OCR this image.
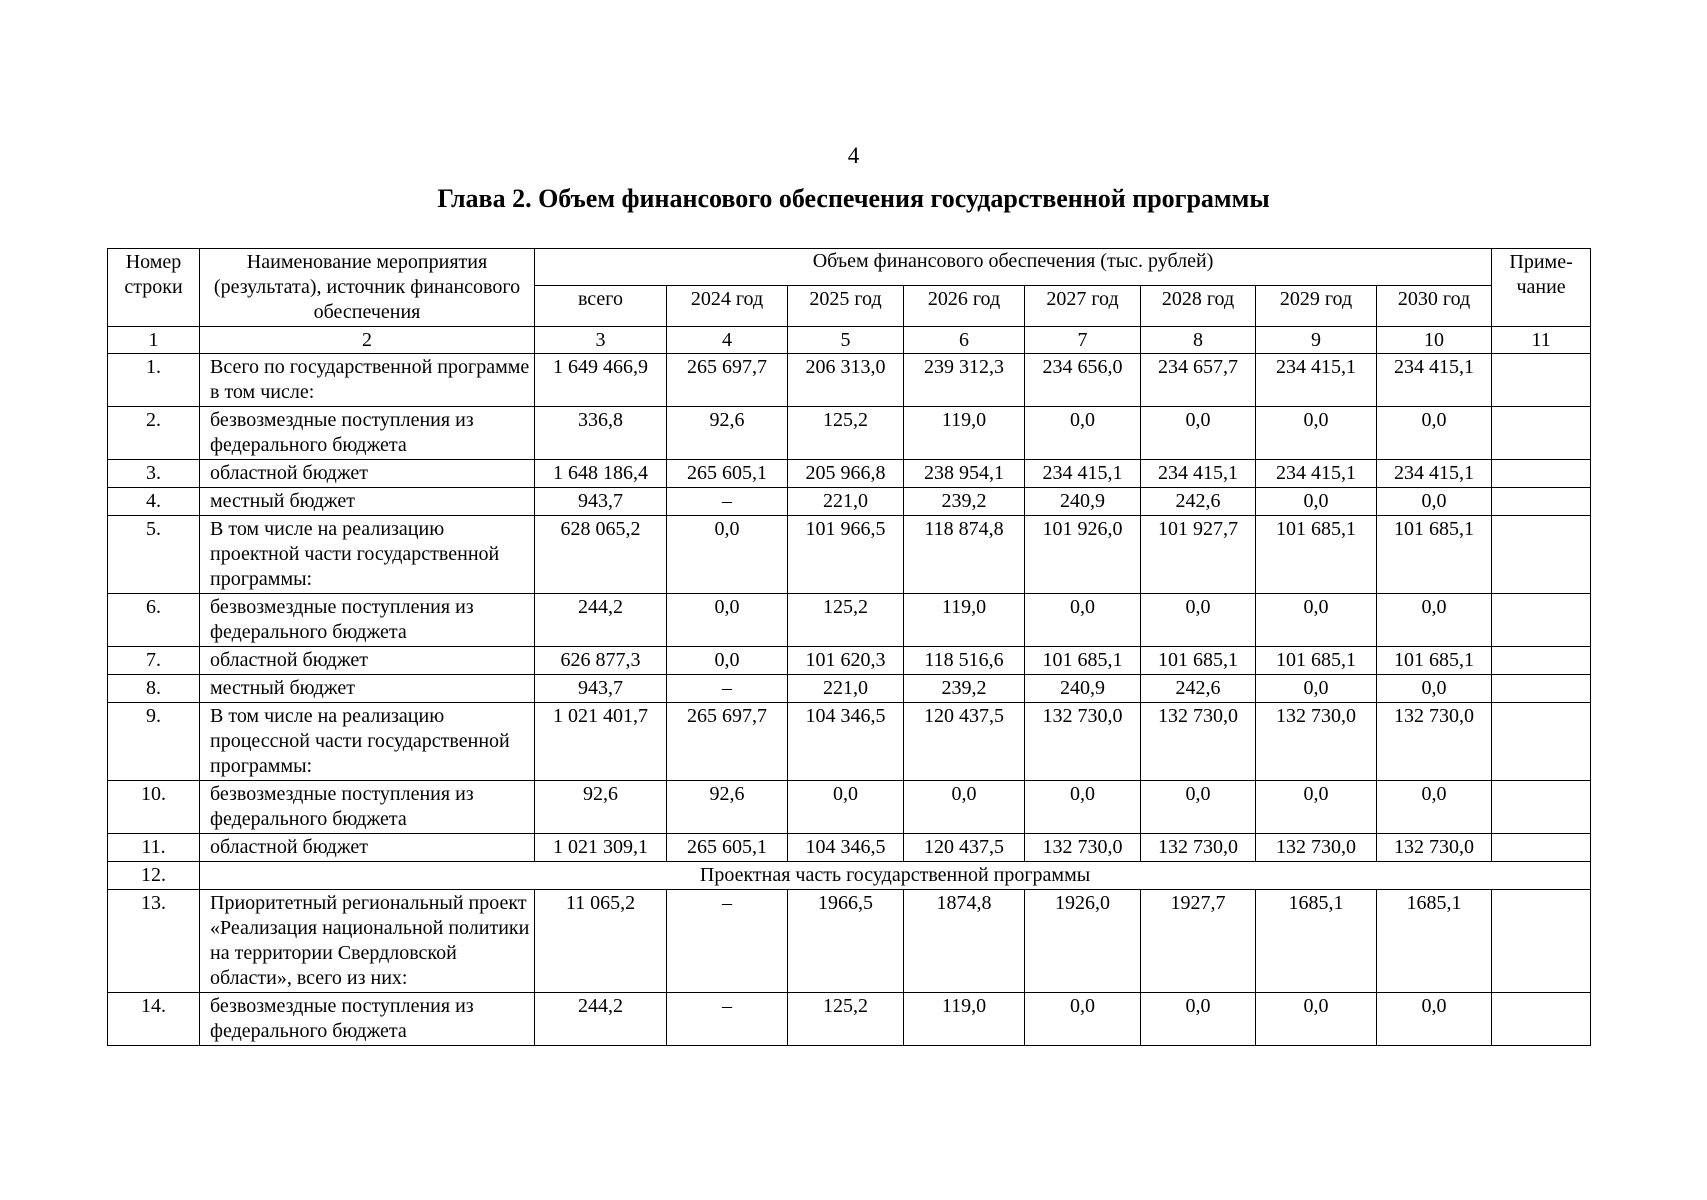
4
Глава 2. Объем финансового обеспечения государственной программы
Номер строки	Наименование мероприятия (результата), источник финансового обеспечения	Объем финансового обеспечения (тыс. рублей)								Приме-чание
		всего	2024 год	2025 год	2026 год	2027 год	2028 год	2029 год	2030 год	
1	2	3	4	5	6	7	8	9	10	11
1.	Всего по государственной программе в том числе:	1 649 466,9	265 697,7	206 313,0	239 312,3	234 656,0	234 657,7	234 415,1	234 415,1	
2.	безвозмездные поступления из федерального бюджета	336,8	92,6	125,2	119,0	0,0	0,0	0,0	0,0	
3.	областной бюджет	1 648 186,4	265 605,1	205 966,8	238 954,1	234 415,1	234 415,1	234 415,1	234 415,1	
4.	местный бюджет	943,7	–	221,0	239,2	240,9	242,6	0,0	0,0	
5.	В том числе на реализацию проектной части государственной программы:	628 065,2	0,0	101 966,5	118 874,8	101 926,0	101 927,7	101 685,1	101 685,1	
6.	безвозмездные поступления из федерального бюджета	244,2	0,0	125,2	119,0	0,0	0,0	0,0	0,0	
7.	областной бюджет	626 877,3	0,0	101 620,3	118 516,6	101 685,1	101 685,1	101 685,1	101 685,1	
8.	местный бюджет	943,7	–	221,0	239,2	240,9	242,6	0,0	0,0	
9.	В том числе на реализацию процессной части государственной программы:	1 021 401,7	265 697,7	104 346,5	120 437,5	132 730,0	132 730,0	132 730,0	132 730,0	
10.	безвозмездные поступления из федерального бюджета	92,6	92,6	0,0	0,0	0,0	0,0	0,0	0,0	
11.	областной бюджет	1 021 309,1	265 605,1	104 346,5	120 437,5	132 730,0	132 730,0	132 730,0	132 730,0	
12.	Проектная часть государственной программы									
13.	Приоритетный региональный проект «Реализация национальной политики на территории Свердловской области», всего из них:	11 065,2	–	1966,5	1874,8	1926,0	1927,7	1685,1	1685,1	
14.	безвозмездные поступления из федерального бюджета	244,2	–	125,2	119,0	0,0	0,0	0,0	0,0	
